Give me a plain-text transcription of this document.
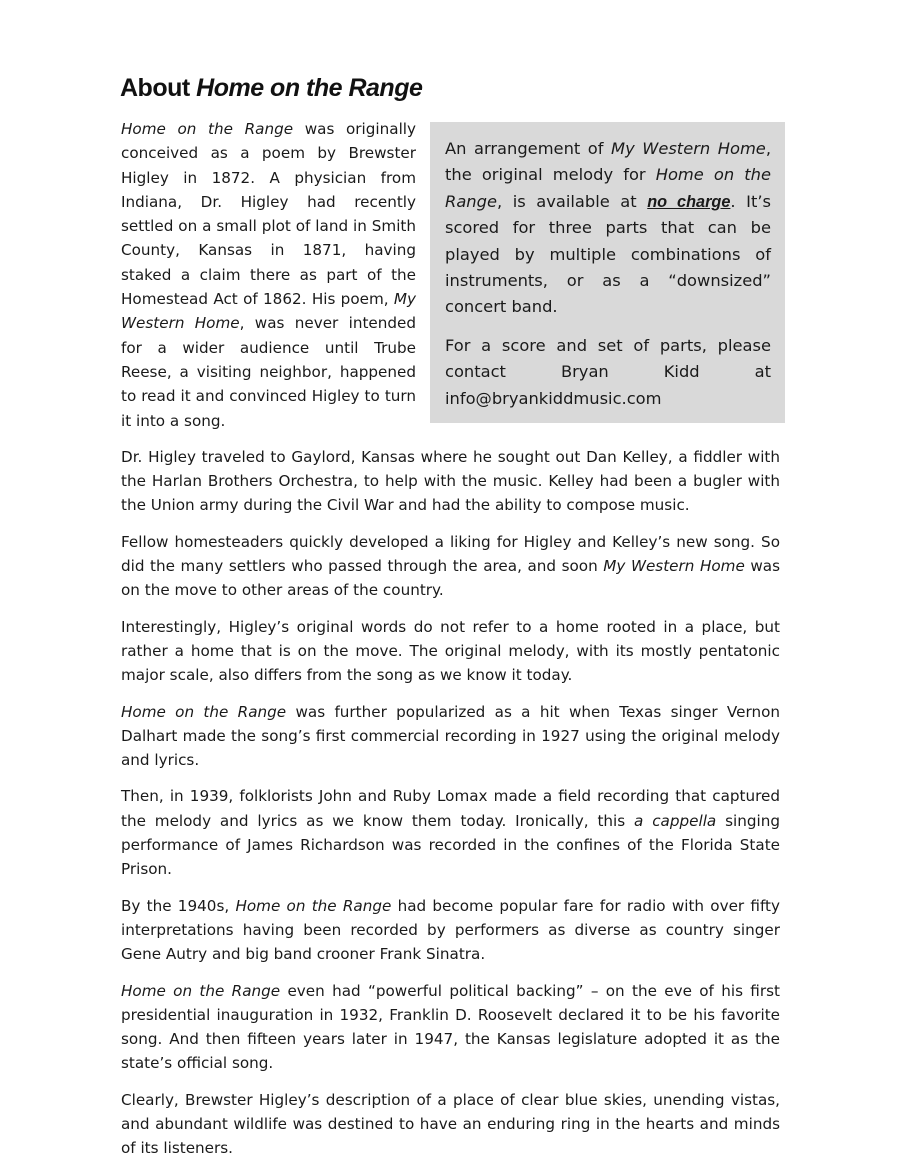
About Home on the Range

An arrangement of My Western Home, the original melody for Home on the Range, is available at no charge. It’s scored for three parts that can be played by multiple combinations of instruments, or as a “downsized” concert band.

For a score and set of parts, please contact Bryan Kidd at info@bryankiddmusic.com

Home on the Range was originally conceived as a poem by Brewster Higley in 1872. A physician from Indiana, Dr. Higley had recently settled on a small plot of land in Smith County, Kansas in 1871, having staked a claim there as part of the Homestead Act of 1862. His poem, My Western Home, was never intended for a wider audience until Trube Reese, a visiting neighbor, happened to read it and convinced Higley to turn it into a song.

Dr. Higley traveled to Gaylord, Kansas where he sought out Dan Kelley, a fiddler with the Harlan Brothers Orchestra, to help with the music. Kelley had been a bugler with the Union army during the Civil War and had the ability to compose music.

Fellow homesteaders quickly developed a liking for Higley and Kelley’s new song. So did the many settlers who passed through the area, and soon My Western Home was on the move to other areas of the country.

Interestingly, Higley’s original words do not refer to a home rooted in a place, but rather a home that is on the move. The original melody, with its mostly pentatonic major scale, also differs from the song as we know it today.

Home on the Range was further popularized as a hit when Texas singer Vernon Dalhart made the song’s first commercial recording in 1927 using the original melody and lyrics.

Then, in 1939, folklorists John and Ruby Lomax made a field recording that captured the melody and lyrics as we know them today. Ironically, this a cappella singing performance of James Richardson was recorded in the confines of the Florida State Prison.

By the 1940s, Home on the Range had become popular fare for radio with over fifty interpretations having been recorded by performers as diverse as country singer Gene Autry and big band crooner Frank Sinatra.

Home on the Range even had “powerful political backing” – on the eve of his first presidential inauguration in 1932, Franklin D. Roosevelt declared it to be his favorite song. And then fifteen years later in 1947, the Kansas legislature adopted it as the state’s official song.

Clearly, Brewster Higley’s description of a place of clear blue skies, unending vistas, and abundant wildlife was destined to have an enduring ring in the hearts and minds of its listeners.
